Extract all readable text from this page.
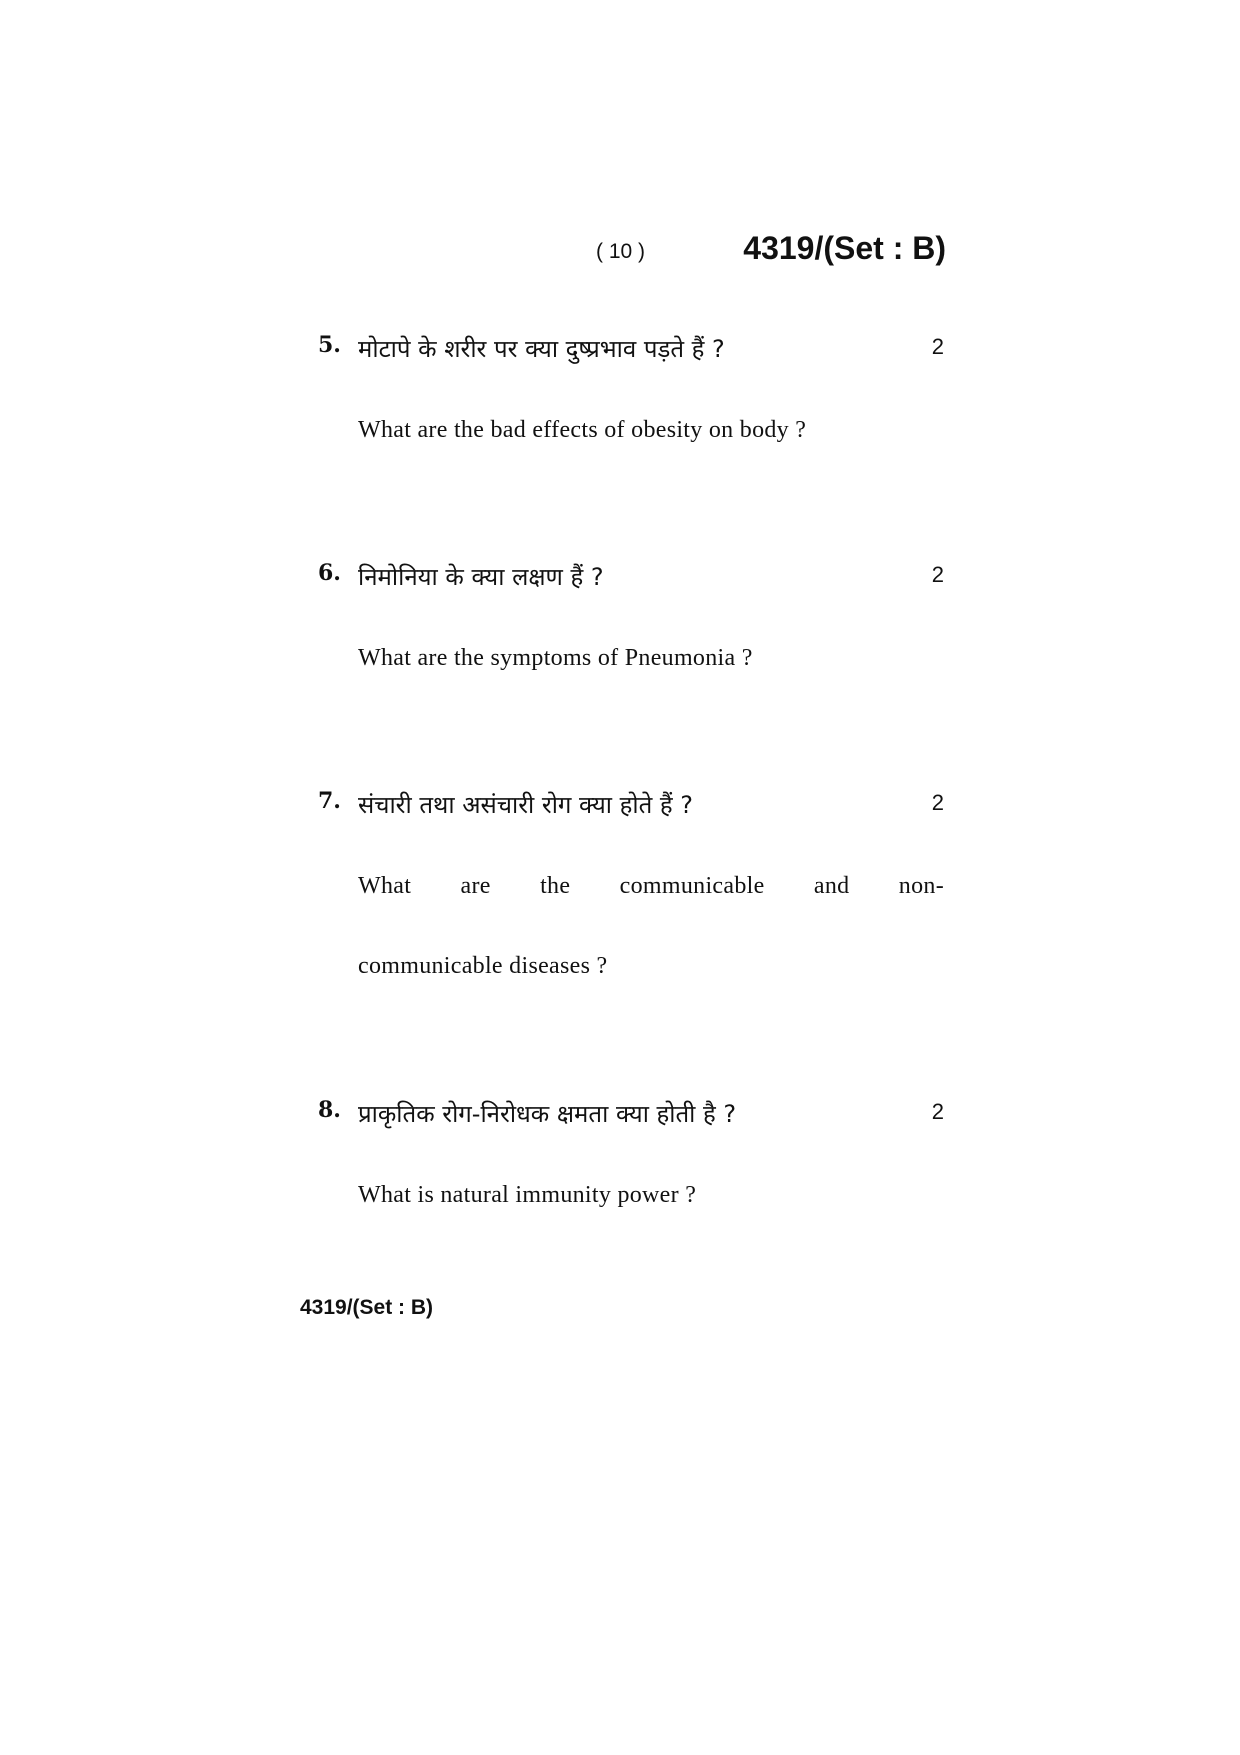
( 10 )	4319/(Set : B)
5. मोटापे के शरीर पर क्या दुष्प्रभाव पड़ते हैं ?	2
What are the bad effects of obesity on body ?
6. निमोनिया के क्या लक्षण हैं ?	2
What are the symptoms of Pneumonia ?
7. संचारी तथा असंचारी रोग क्या होते हैं ?	2
What are the communicable and non-
communicable diseases ?
8. प्राकृतिक रोग-निरोधक क्षमता क्या होती है ?	2
What is natural immunity power ?
4319/(Set : B)
